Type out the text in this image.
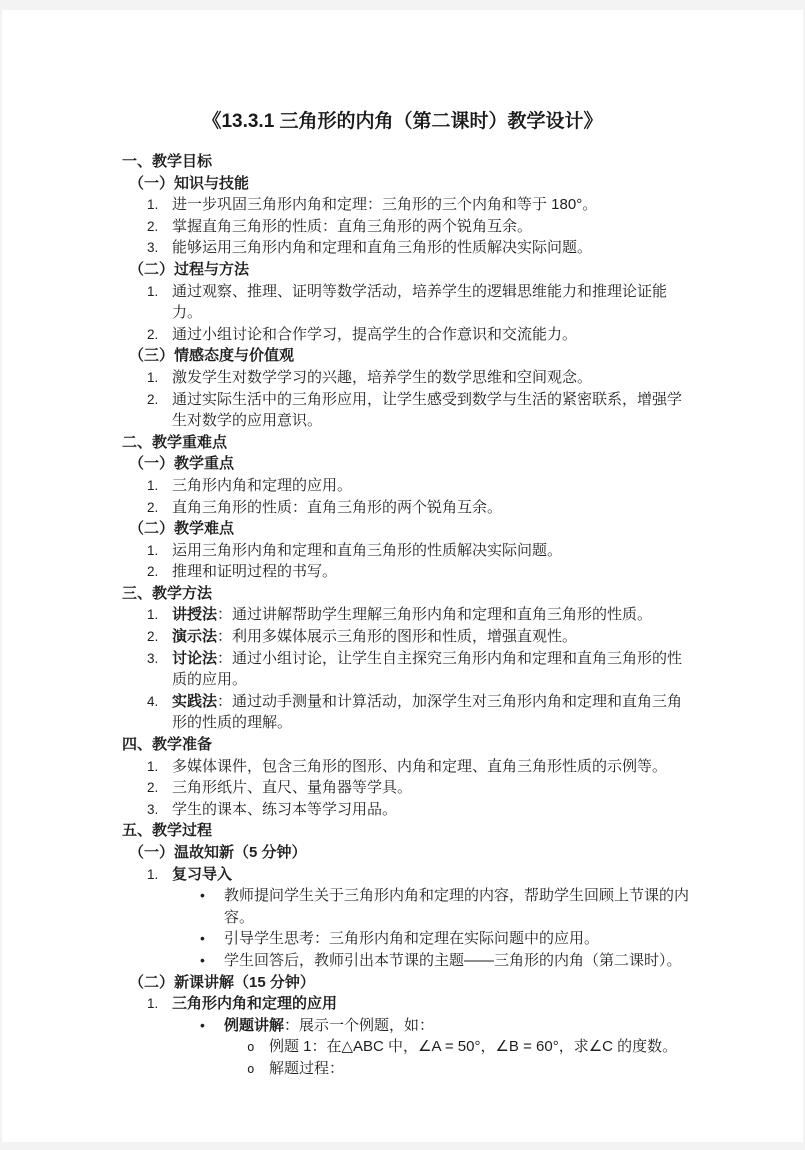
《13.3.1 三角形的内角（第二课时）教学设计》
一、教学目标
（一）知识与技能
1. 进一步巩固三角形内角和定理：三角形的三个内角和等于 180°。
2. 掌握直角三角形的性质：直角三角形的两个锐角互余。
3. 能够运用三角形内角和定理和直角三角形的性质解决实际问题。
（二）过程与方法
1. 通过观察、推理、证明等数学活动，培养学生的逻辑思维能力和推理论证能力。
2. 通过小组讨论和合作学习，提高学生的合作意识和交流能力。
（三）情感态度与价值观
1. 激发学生对数学学习的兴趣，培养学生的数学思维和空间观念。
2. 通过实际生活中的三角形应用，让学生感受到数学与生活的紧密联系，增强学生对数学的应用意识。
二、教学重难点
（一）教学重点
1. 三角形内角和定理的应用。
2. 直角三角形的性质：直角三角形的两个锐角互余。
（二）教学难点
1. 运用三角形内角和定理和直角三角形的性质解决实际问题。
2. 推理和证明过程的书写。
三、教学方法
1. 讲授法：通过讲解帮助学生理解三角形内角和定理和直角三角形的性质。
2. 演示法：利用多媒体展示三角形的图形和性质，增强直观性。
3. 讨论法：通过小组讨论，让学生自主探究三角形内角和定理和直角三角形的性质的应用。
4. 实践法：通过动手测量和计算活动，加深学生对三角形内角和定理和直角三角形的性质的理解。
四、教学准备
1. 多媒体课件，包含三角形的图形、内角和定理、直角三角形性质的示例等。
2. 三角形纸片、直尺、量角器等学具。
3. 学生的课本、练习本等学习用品。
五、教学过程
（一）温故知新（5 分钟）
1. 复习导入
•	教师提问学生关于三角形内角和定理的内容，帮助学生回顾上节课的内容。
•	引导学生思考：三角形内角和定理在实际问题中的应用。
•	学生回答后，教师引出本节课的主题——三角形的内角（第二课时）。
（二）新课讲解（15 分钟）
1. 三角形内角和定理的应用
•	例题讲解：展示一个例题，如：
o 例题 1：在△ABC 中，∠A = 50°，∠B = 60°，求∠C 的度数。
o 解题过程：
